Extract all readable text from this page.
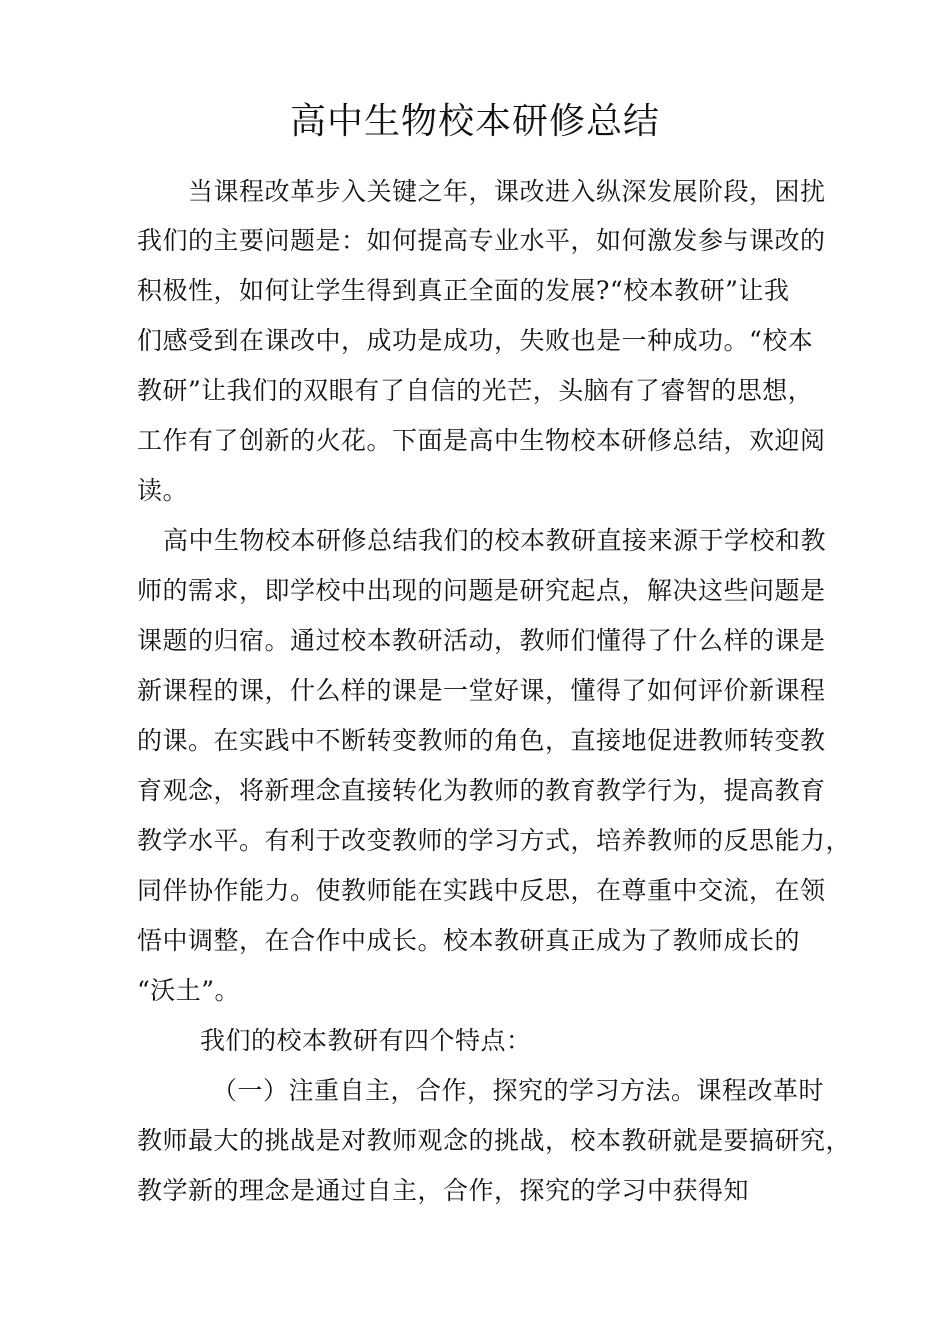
高中生物校本研修总结
当课程改革步入关键之年，课改进入纵深发展阶段，困扰
我们的主要问题是：如何提高专业水平，如何激发参与课改的
积极性，如何让学生得到真正全面的发展?“校本教研”让我
们感受到在课改中，成功是成功，失败也是一种成功。“校本
教研”让我们的双眼有了自信的光芒，头脑有了睿智的思想，
工作有了创新的火花。下面是高中生物校本研修总结，欢迎阅
读。
高中生物校本研修总结我们的校本教研直接来源于学校和教
师的需求，即学校中出现的问题是研究起点，解决这些问题是
课题的归宿。通过校本教研活动，教师们懂得了什么样的课是
新课程的课，什么样的课是一堂好课，懂得了如何评价新课程
的课。在实践中不断转变教师的角色，直接地促进教师转变教
育观念，将新理念直接转化为教师的教育教学行为，提高教育
教学水平。有利于改变教师的学习方式，培养教师的反思能力，
同伴协作能力。使教师能在实践中反思，在尊重中交流，在领
悟中调整，在合作中成长。校本教研真正成为了教师成长的
“沃土”。
我们的校本教研有四个特点：
（一）注重自主，合作，探究的学习方法。课程改革时
教师最大的挑战是对教师观念的挑战，校本教研就是要搞研究，
教学新的理念是通过自主，合作，探究的学习中获得知
